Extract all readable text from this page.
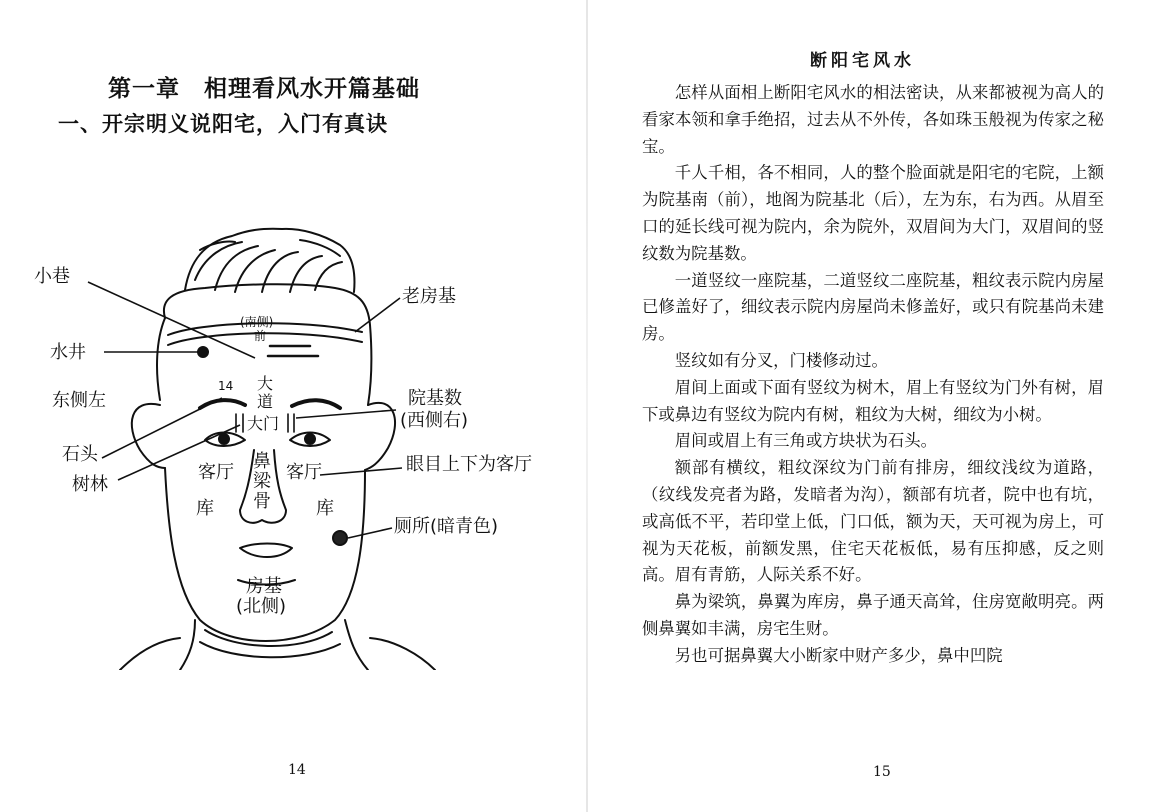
第一章　相理看风水开篇基础
一、开宗明义说阳宅，入门有真诀
小巷
老房基
水井
东侧左
石头
树林
院基数
(西侧右)
眼目上下为客厅
厕所(暗青色)
(南侧)
前
14 大道
大门
客厅	客厅
鼻梁骨
库	库
房基
(北侧)
14
断阳宅风水

怎样从面相上断阳宅风水的相法密诀，从来都被视为高人的看家本领和拿手绝招，过去从不外传，各如珠玉般视为传家之秘宝。

千人千相，各不相同，人的整个脸面就是阳宅的宅院，上额为院基南（前），地阁为院基北（后），左为东，右为西。从眉至口的延长线可视为院内，余为院外，双眉间为大门，双眉间的竖纹数为院基数。

一道竖纹一座院基，二道竖纹二座院基，粗纹表示院内房屋已修盖好了，细纹表示院内房屋尚未修盖好，或只有院基尚未建房。

竖纹如有分叉，门楼修动过。

眉间上面或下面有竖纹为树木，眉上有竖纹为门外有树，眉下或鼻边有竖纹为院内有树，粗纹为大树，细纹为小树。

眉间或眉上有三角或方块状为石头。

额部有横纹，粗纹深纹为门前有排房，细纹浅纹为道路，（纹线发亮者为路，发暗者为沟），额部有坑者，院中也有坑，或高低不平，若印堂上低，门口低，额为天，天可视为房上，可视为天花板，前额发黑，住宅天花板低，易有压抑感，反之则高。眉有青筋，人际关系不好。

鼻为梁筑，鼻翼为库房，鼻子通天高耸，住房宽敞明亮。两侧鼻翼如丰满，房宅生财。

另也可据鼻翼大小断家中财产多少，鼻中凹院

15
